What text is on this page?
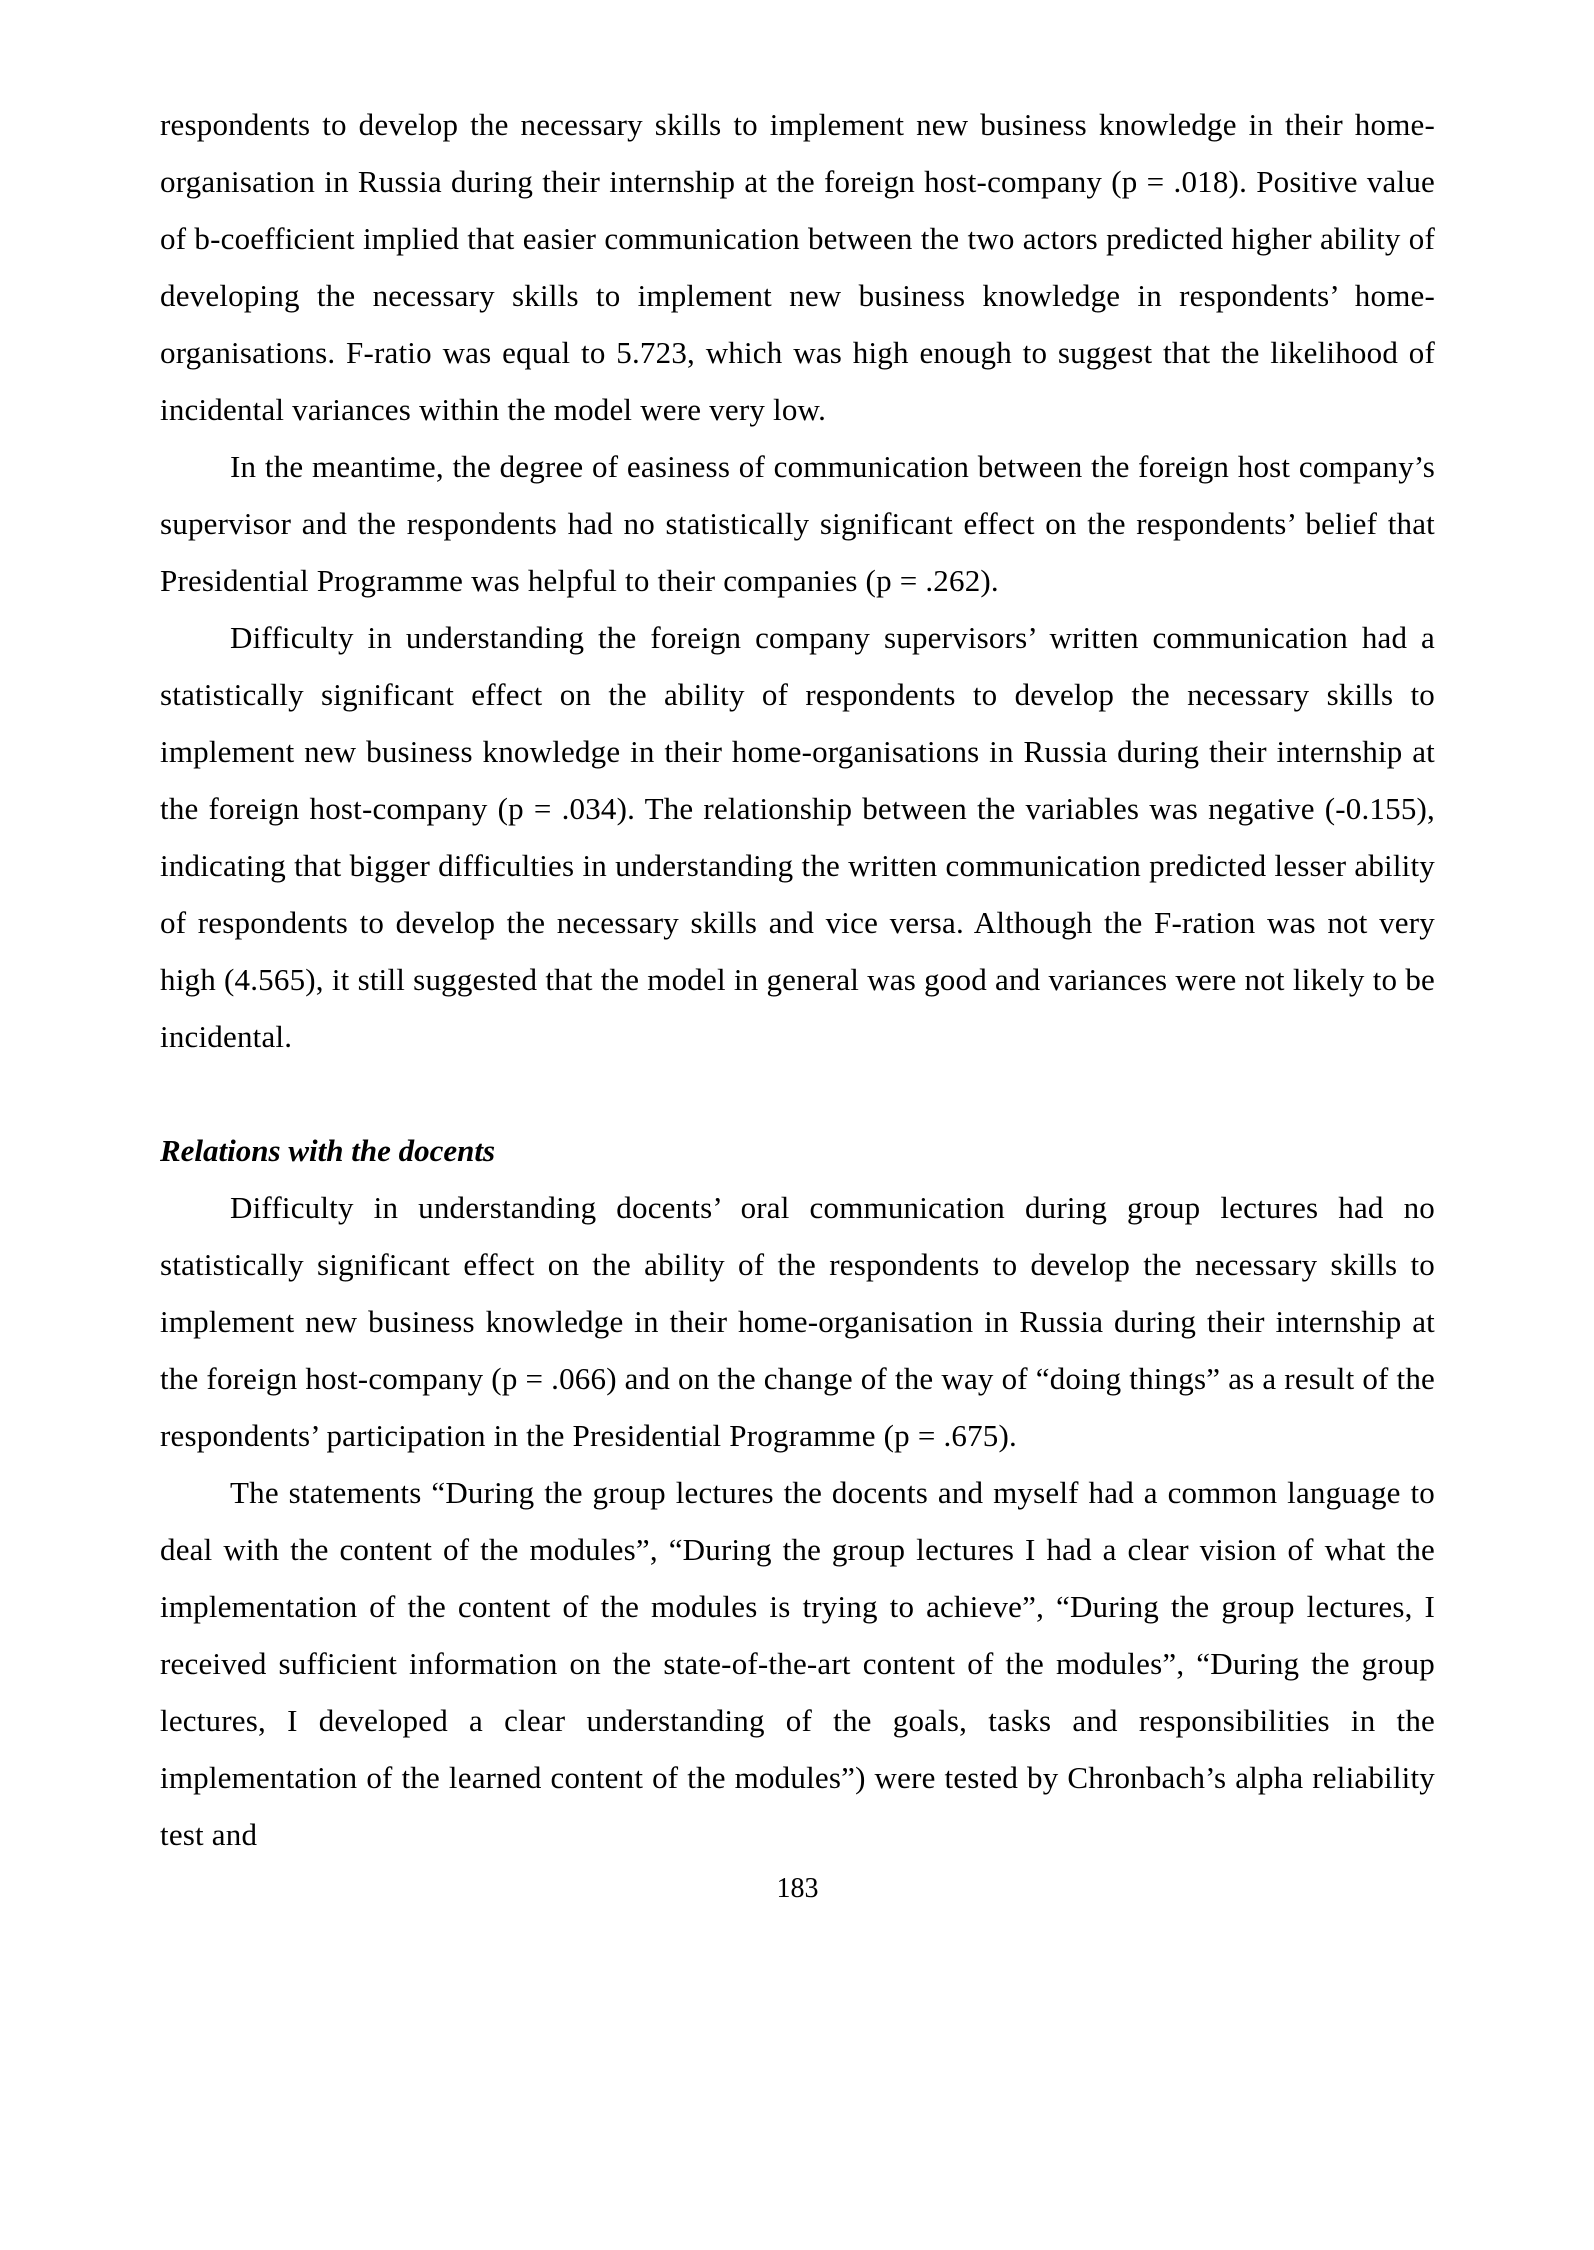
respondents to develop the necessary skills to implement new business knowledge in their home-organisation in Russia during their internship at the foreign host-company (p = .018). Positive value of b-coefficient implied that easier communication between the two actors predicted higher ability of developing the necessary skills to implement new business knowledge in respondents’ home-organisations. F-ratio was equal to 5.723, which was high enough to suggest that the likelihood of incidental variances within the model were very low.

In the meantime, the degree of easiness of communication between the foreign host company’s supervisor and the respondents had no statistically significant effect on the respondents’ belief that Presidential Programme was helpful to their companies (p = .262).

Difficulty in understanding the foreign company supervisors’ written communication had a statistically significant effect on the ability of respondents to develop the necessary skills to implement new business knowledge in their home-organisations in Russia during their internship at the foreign host-company (p = .034). The relationship between the variables was negative (-0.155), indicating that bigger difficulties in understanding the written communication predicted lesser ability of respondents to develop the necessary skills and vice versa. Although the F-ration was not very high (4.565), it still suggested that the model in general was good and variances were not likely to be incidental.

Relations with the docents

Difficulty in understanding docents’ oral communication during group lectures had no statistically significant effect on the ability of the respondents to develop the necessary skills to implement new business knowledge in their home-organisation in Russia during their internship at the foreign host-company (p = .066) and on the change of the way of “doing things” as a result of the respondents’ participation in the Presidential Programme (p = .675).

The statements “During the group lectures the docents and myself had a common language to deal with the content of the modules”, “During the group lectures I had a clear vision of what the implementation of the content of the modules is trying to achieve”, “During the group lectures, I received sufficient information on the state-of-the-art content of the modules”, “During the group lectures, I developed a clear understanding of the goals, tasks and responsibilities in the implementation of the learned content of the modules”) were tested by Chronbach’s alpha reliability test and

183
